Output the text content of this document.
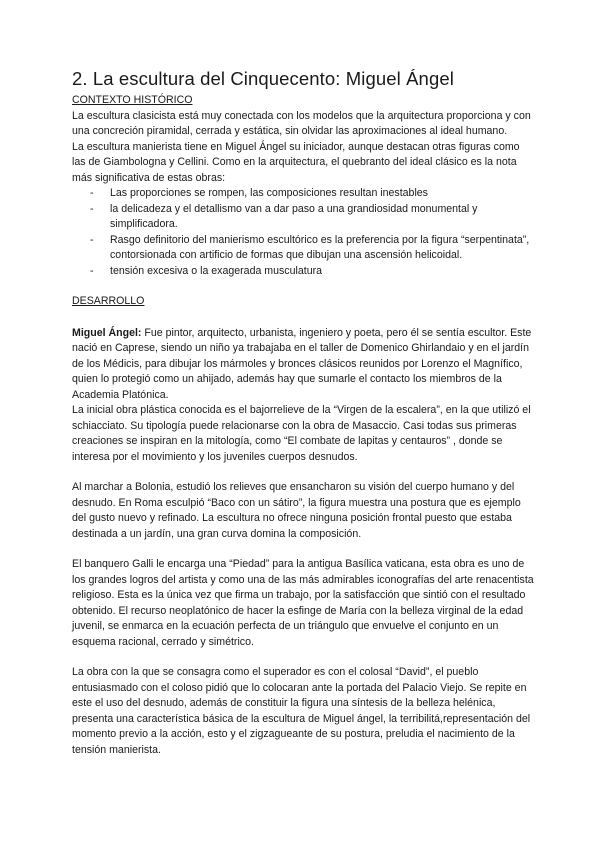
2. La escultura del Cinquecento: Miguel Ángel
CONTEXTO HISTÓRICO

La escultura clasicista está muy conectada con los modelos que la arquitectura proporciona y con una concreción piramidal, cerrada y estática, sin olvidar las aproximaciones al ideal humano.

La escultura manierista tiene en Miguel Ángel su iniciador, aunque destacan otras figuras como las de Giambologna y Cellini. Como en la arquitectura, el quebranto del ideal clásico es la nota más significativa de estas obras:

- Las proporciones se rompen, las composiciones resultan inestables
- la delicadeza y el detallismo van a dar paso a una grandiosidad monumental y simplificadora.
- Rasgo definitorio del manierismo escultórico es la preferencia por la figura “serpentinata”, contorsionada con artificio de formas que dibujan una ascensión helicoidal.
- tensión excesiva o la exagerada musculatura
DESARROLLO

Miguel Ángel: Fue pintor, arquitecto, urbanista, ingeniero y poeta, pero él se sentía escultor. Este nació en Caprese, siendo un niño ya trabajaba en el taller de Domenico Ghirlandaio y en el jardín de los Médicis, para dibujar los mármoles y bronces clásicos reunidos por Lorenzo el Magnífico, quien lo protegió como un ahijado, además hay que sumarle el contacto los miembros de la Academia Platónica.

La inicial obra plástica conocida es el bajorrelieve de la “Virgen de la escalera”, en la que utilizó el schiacciato. Su tipología puede relacionarse con la obra de Masaccio. Casi todas sus primeras creaciones se inspiran en la mitología, como “El combate de lapitas y centauros” , donde se interesa por el movimiento y los juveniles cuerpos desnudos.

Al marchar a Bolonia, estudió los relieves que ensancharon su visión del cuerpo humano y del desnudo. En Roma esculpió “Baco con un sátiro”, la figura muestra una postura que es ejemplo del gusto nuevo y refinado. La escultura no ofrece ninguna posición frontal puesto que estaba destinada a un jardín, una gran curva domina la composición.

El banquero Galli le encarga una “Piedad” para la antigua Basílica vaticana, esta obra es uno de los grandes logros del artista y como una de las más admirables iconografías del arte renacentista religioso. Esta es la única vez que firma un trabajo, por la satisfacción que sintió con el resultado obtenido. El recurso neoplatónico de hacer la esfinge de María con la belleza virginal de la edad juvenil, se enmarca en la ecuación perfecta de un triángulo que envuelve el conjunto en un esquema racional, cerrado y simétrico.

La obra con la que se consagra como el superador es con el colosal “David”, el pueblo entusiasmado con el coloso pidió que lo colocaran ante la portada del Palacio Viejo. Se repite en este el uso del desnudo, además de constituir la figura una síntesis de la belleza helénica, presenta una característica básica de la escultura de Miguel ángel, la terribilitá,representación del momento previo a la acción, esto y el zigzagueante de su postura, preludia el nacimiento de la tensión manierista.
